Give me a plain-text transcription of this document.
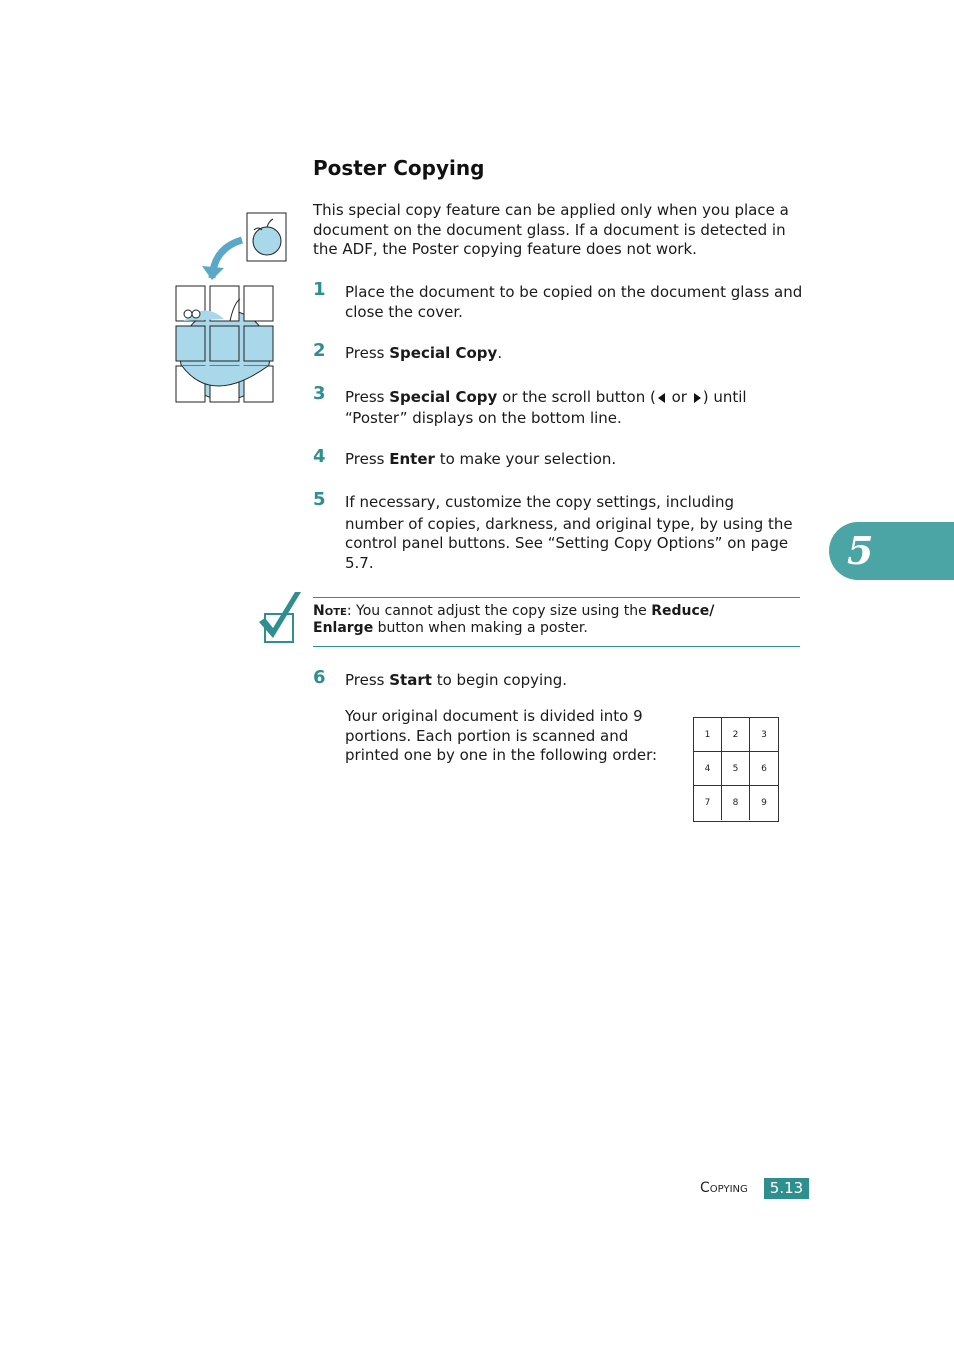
Poster Copying
This special copy feature can be applied only when you place a document on the document glass. If a document is detected in the ADF, the Poster copying feature does not work.
1 Place the document to be copied on the document glass and close the cover.
2 Press Special Copy.
3 Press Special Copy or the scroll button ( or ) until
“Poster” displays on the bottom line.
4 Press Enter to make your selection.
5 If necessary, customize the copy settings, including
number of copies, darkness, and original type, by using the control panel buttons. See “Setting Copy Options” on page 5.7.
Note: You cannot adjust the copy size using the Reduce/
Enlarge button when making a poster.
6 Press Start to begin copying.
Your original document is divided into 9 portions. Each portion is scanned and printed one by one in the following order:
1	2	3
4	5	6
7	8	9
5
Copying	5.13
